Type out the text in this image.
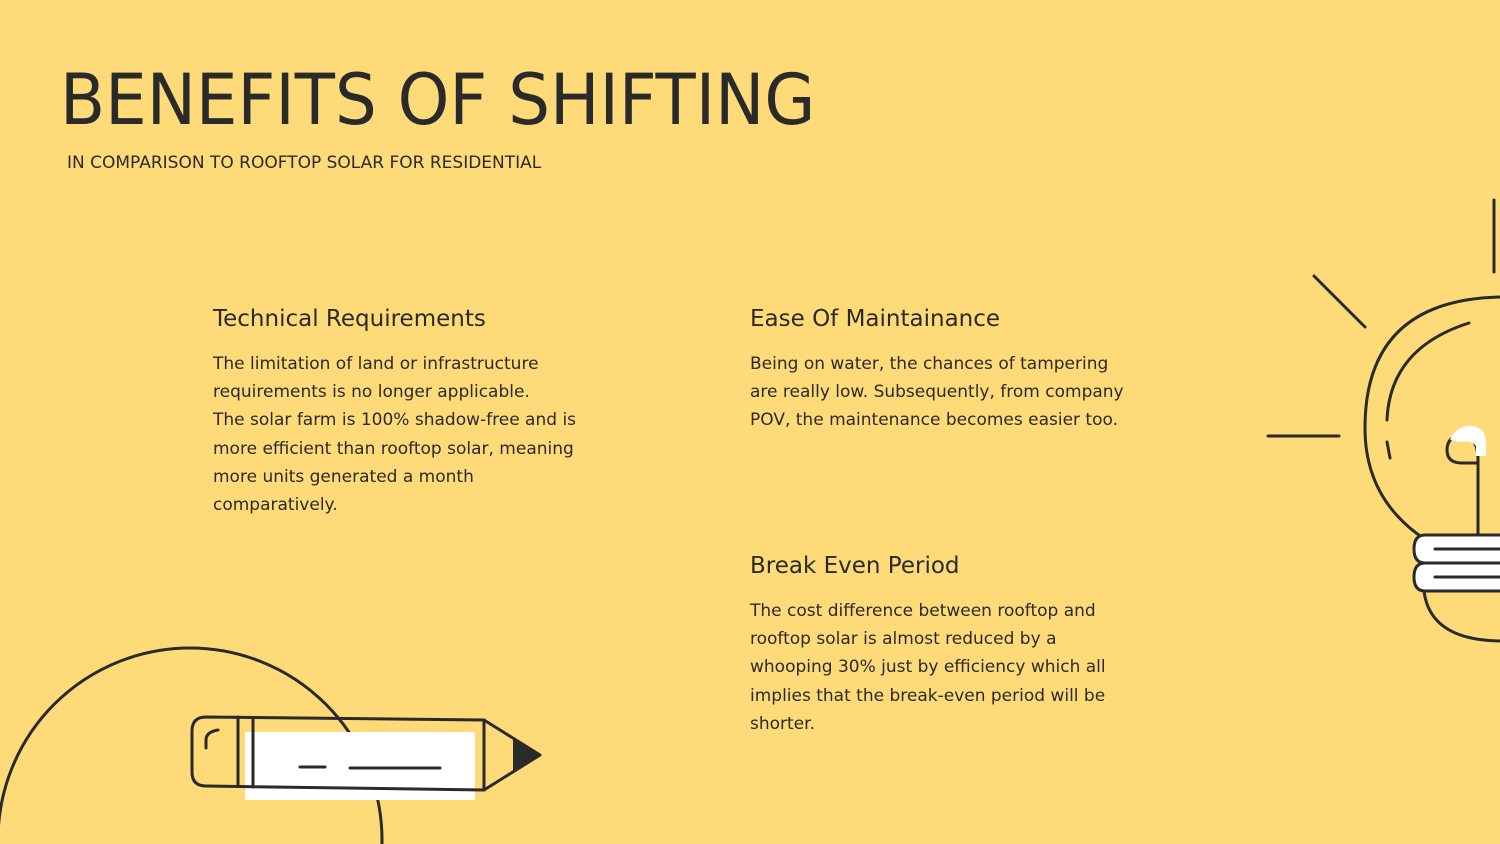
BENEFITS OF SHIFTING
IN COMPARISON TO ROOFTOP SOLAR FOR RESIDENTIAL
Technical Requirements

The limitation of land or infrastructure
requirements is no longer applicable.
The solar farm is 100% shadow-free and is
more efficient than rooftop solar, meaning
more units generated a month
comparatively.

Ease Of Maintainance

Being on water, the chances of tampering
are really low. Subsequently, from company
POV, the maintenance becomes easier too.

Break Even Period

The cost difference between rooftop and
rooftop solar is almost reduced by a
whooping 30% just by efficiency which all
implies that the break-even period will be
shorter.
